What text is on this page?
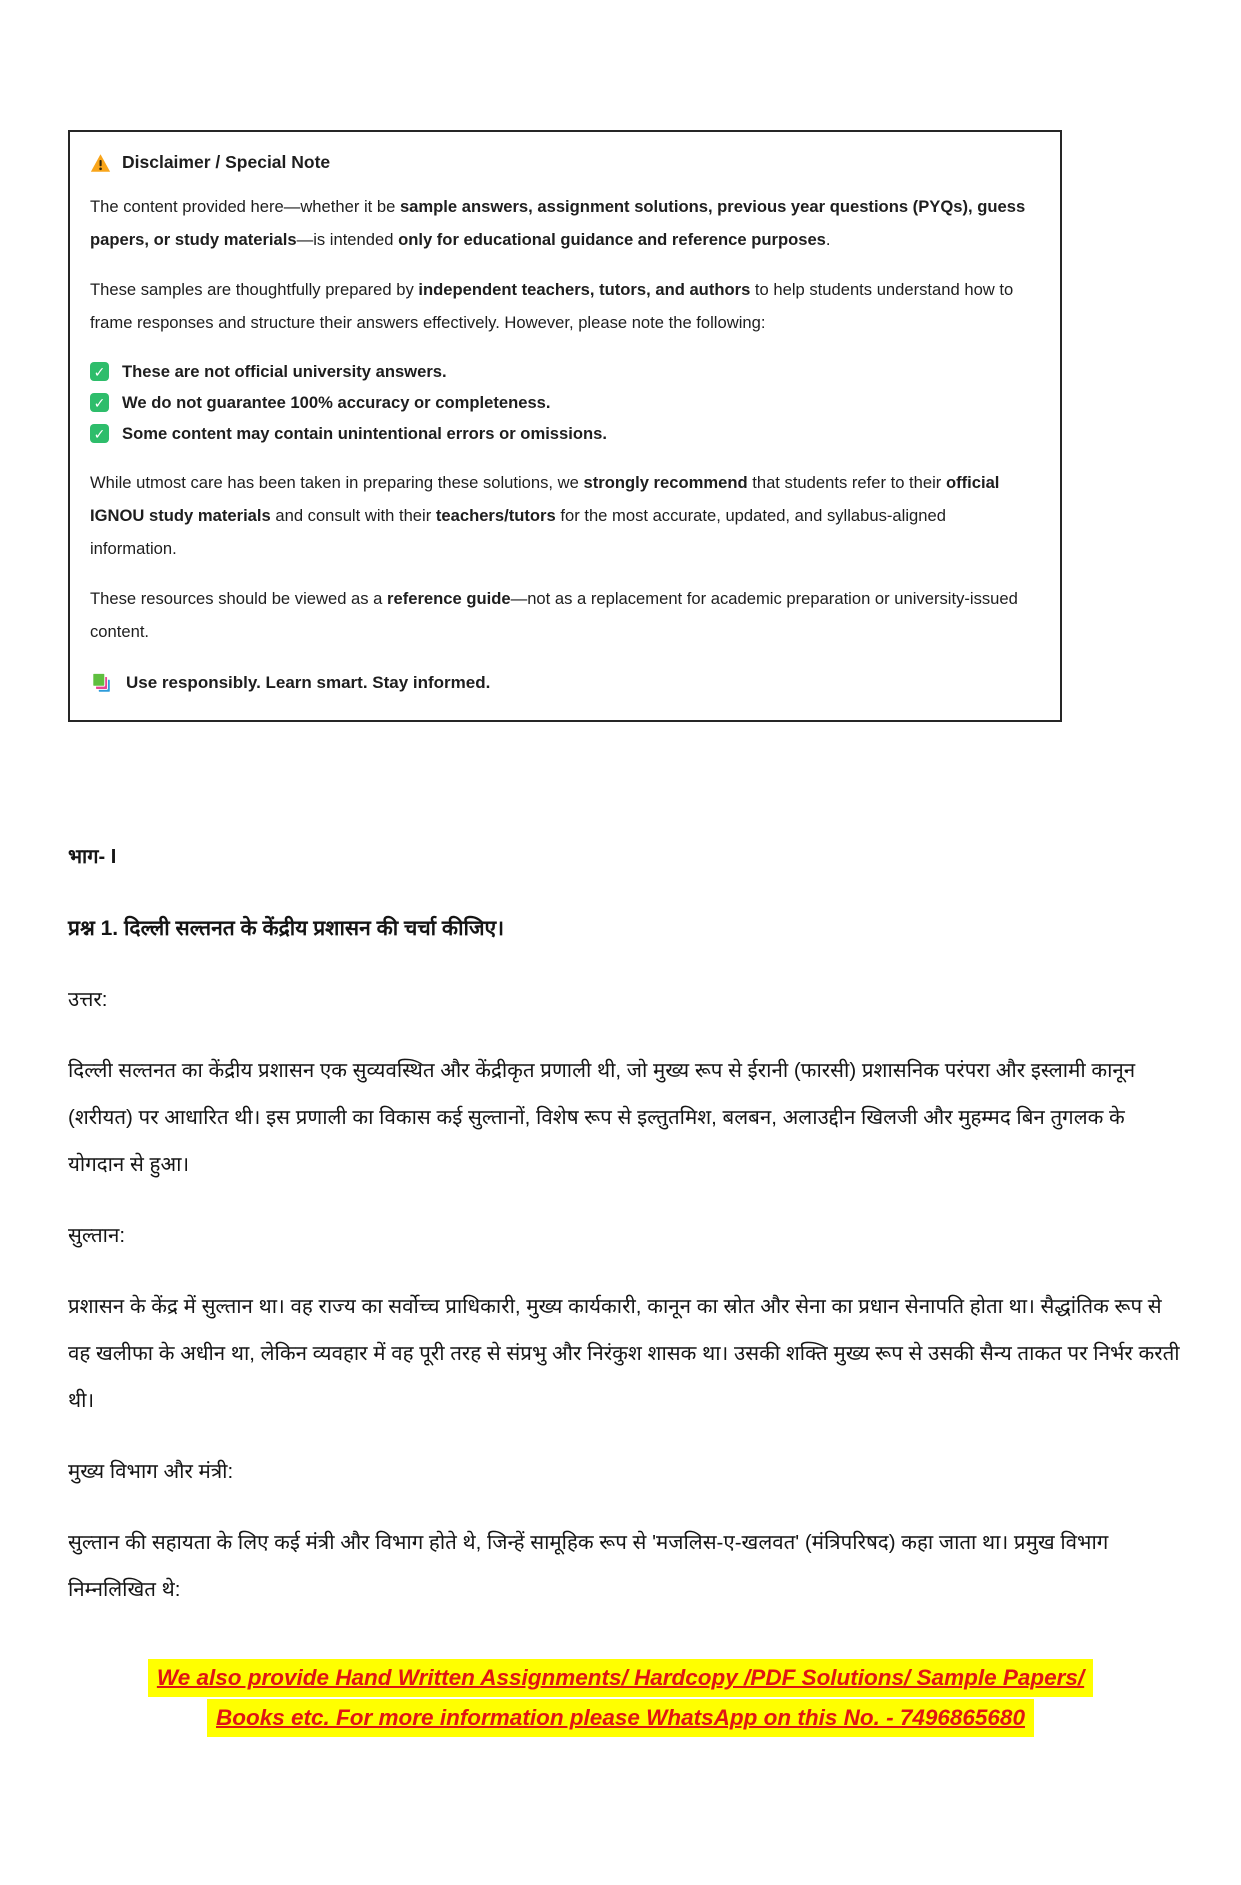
Disclaimer / Special Note

The content provided here—whether it be sample answers, assignment solutions, previous year questions (PYQs), guess papers, or study materials—is intended only for educational guidance and reference purposes.

These samples are thoughtfully prepared by independent teachers, tutors, and authors to help students understand how to frame responses and structure their answers effectively. However, please note the following:

✓ These are not official university answers.
✓ We do not guarantee 100% accuracy or completeness.
✓ Some content may contain unintentional errors or omissions.

While utmost care has been taken in preparing these solutions, we strongly recommend that students refer to their official IGNOU study materials and consult with their teachers/tutors for the most accurate, updated, and syllabus-aligned information.

These resources should be viewed as a reference guide—not as a replacement for academic preparation or university-issued content.

Use responsibly. Learn smart. Stay informed.

भाग- I

प्रश्न 1. दिल्ली सल्तनत के केंद्रीय प्रशासन की चर्चा कीजिए।

उत्तर:

दिल्ली सल्तनत का केंद्रीय प्रशासन एक सुव्यवस्थित और केंद्रीकृत प्रणाली थी, जो मुख्य रूप से ईरानी (फारसी) प्रशासनिक परंपरा और इस्लामी कानून (शरीयत) पर आधारित थी। इस प्रणाली का विकास कई सुल्तानों, विशेष रूप से इल्तुतमिश, बलबन, अलाउद्दीन खिलजी और मुहम्मद बिन तुगलक के योगदान से हुआ।

सुल्तान:

प्रशासन के केंद्र में सुल्तान था। वह राज्य का सर्वोच्च प्राधिकारी, मुख्य कार्यकारी, कानून का स्रोत और सेना का प्रधान सेनापति होता था। सैद्धांतिक रूप से वह खलीफा के अधीन था, लेकिन व्यवहार में वह पूरी तरह से संप्रभु और निरंकुश शासक था। उसकी शक्ति मुख्य रूप से उसकी सैन्य ताकत पर निर्भर करती थी।

मुख्य विभाग और मंत्री:

सुल्तान की सहायता के लिए कई मंत्री और विभाग होते थे, जिन्हें सामूहिक रूप से 'मजलिस-ए-खलवत' (मंत्रिपरिषद) कहा जाता था। प्रमुख विभाग निम्नलिखित थे:

We also provide Hand Written Assignments/ Hardcopy /PDF Solutions/ Sample Papers/
Books etc. For more information please WhatsApp on this No. - 7496865680
